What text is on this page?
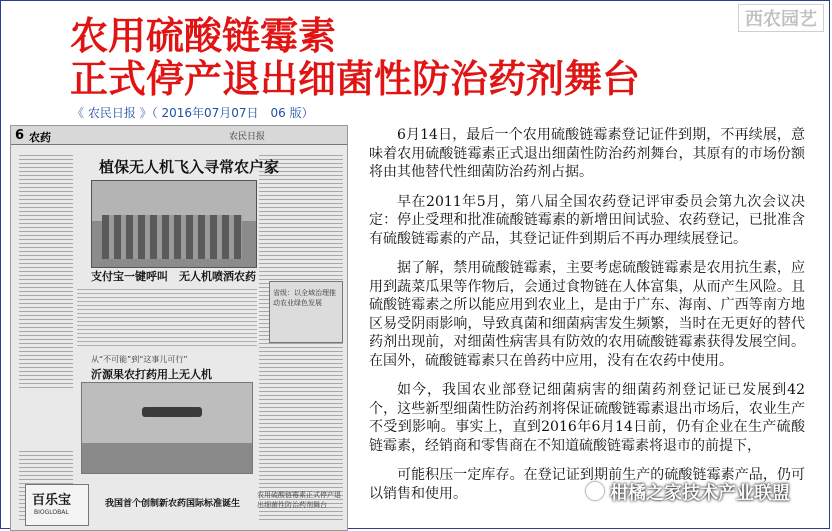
农用硫酸链霉素
正式停产退出细菌性防治药剂舞台
《 农民日报 》（ 2016年07月07日　06 版）
西农园艺
6 农药	农民日报
植保无人机飞入寻常农户家
支付宝一键呼叫　无人机喷洒农药
从“不可能”到“这事儿可行”
沂源果农打药用上无人机
省级：以全域治理推动农业绿色发展
百乐宝
BIOGLOBAL
我国首个创制新农药国际标准诞生
农用硫酸链霉素正式停产退出细菌性防治药剂舞台

6月14日，最后一个农用硫酸链霉素登记证件到期，不再续展，意味着农用硫酸链霉素正式退出细菌性防治药剂舞台，其原有的市场份额将由其他替代性细菌防治药剂占据。

早在2011年5月，第八届全国农药登记评审委员会第九次会议决定：停止受理和批准硫酸链霉素的新增田间试验、农药登记，已批准含有硫酸链霉素的产品，其登记证件到期后不再办理续展登记。

据了解，禁用硫酸链霉素，主要考虑硫酸链霉素是农用抗生素，应用到蔬菜瓜果等作物后，会通过食物链在人体富集，从而产生风险。且硫酸链霉素之所以能应用到农业上，是由于广东、海南、广西等南方地区易受阴雨影响，导致真菌和细菌病害发生频繁，当时在无更好的替代药剂出现前，对细菌性病害具有防效的农用硫酸链霉素获得发展空间。在国外，硫酸链霉素只在兽药中应用，没有在农药中使用。

如今，我国农业部登记细菌病害的细菌药剂登记证已发展到42个，这些新型细菌性防治药剂将保证硫酸链霉素退出市场后，农业生产不受到影响。事实上，直到2016年6月14日前，仍有企业在生产硫酸链霉素，经销商和零售商在不知道硫酸链霉素将退市的前提下，

可能积压一定库存。在登记证到期前生产的硫酸链霉素产品，仍可以销售和使用。	柑橘之家技术产业联盟
